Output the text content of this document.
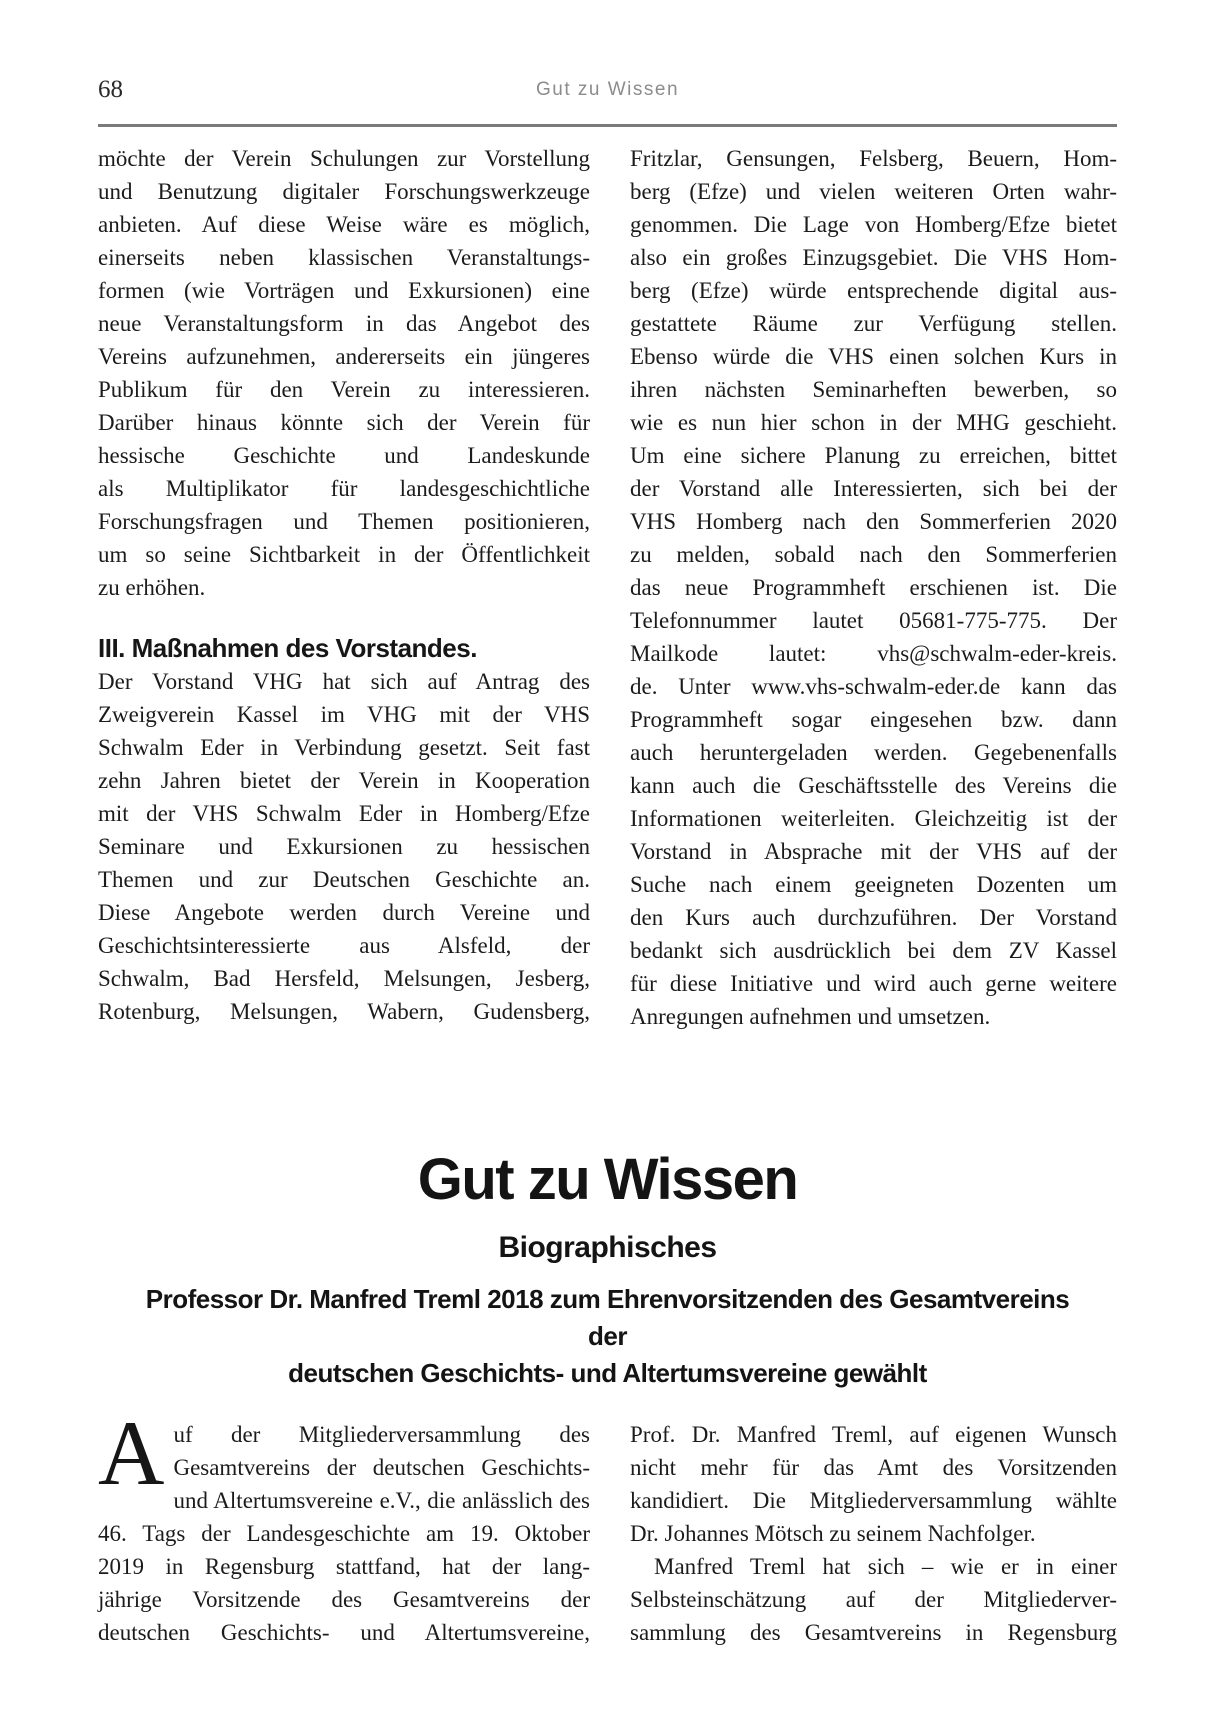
68	Gut zu Wissen
möchte der Verein Schulungen zur Vorstellung
und Benutzung digitaler Forschungswerkzeuge
anbieten. Auf diese Weise wäre es möglich,
einerseits neben klassischen Veranstaltungs-
formen (wie Vorträgen und Exkursionen) eine
neue Veranstaltungsform in das Angebot des
Vereins aufzunehmen, andererseits ein jüngeres
Publikum für den Verein zu interessieren.
Darüber hinaus könnte sich der Verein für
hessische Geschichte und Landeskunde
als Multiplikator für landesgeschichtliche
Forschungsfragen und Themen positionieren,
um so seine Sichtbarkeit in der Öffentlichkeit
zu erhöhen.
III. Maßnahmen des Vorstandes.
Der Vorstand VHG hat sich auf Antrag des
Zweigverein Kassel im VHG mit der VHS
Schwalm Eder in Verbindung gesetzt. Seit fast
zehn Jahren bietet der Verein in Kooperation
mit der VHS Schwalm Eder in Homberg/Efze
Seminare und Exkursionen zu hessischen
Themen und zur Deutschen Geschichte an.
Diese Angebote werden durch Vereine und
Geschichtsinteressierte aus Alsfeld, der
Schwalm, Bad Hersfeld, Melsungen, Jesberg,
Rotenburg, Melsungen, Wabern, Gudensberg,
Fritzlar, Gensungen, Felsberg, Beuern, Hom-
berg (Efze) und vielen weiteren Orten wahr-
genommen. Die Lage von Homberg/Efze bietet
also ein großes Einzugsgebiet. Die VHS Hom-
berg (Efze) würde entsprechende digital aus-
gestattete Räume zur Verfügung stellen.
Ebenso würde die VHS einen solchen Kurs in
ihren nächsten Seminarheften bewerben, so
wie es nun hier schon in der MHG geschieht.
Um eine sichere Planung zu erreichen, bittet
der Vorstand alle Interessierten, sich bei der
VHS Homberg nach den Sommerferien 2020
zu melden, sobald nach den Sommerferien
das neue Programmheft erschienen ist. Die
Telefonnummer lautet 05681-775-775. Der
Mailkode lautet: vhs@schwalm-eder-kreis.
de. Unter www.vhs-schwalm-eder.de kann das
Programmheft sogar eingesehen bzw. dann
auch heruntergeladen werden. Gegebenenfalls
kann auch die Geschäftsstelle des Vereins die
Informationen weiterleiten. Gleichzeitig ist der
Vorstand in Absprache mit der VHS auf der
Suche nach einem geeigneten Dozenten um
den Kurs auch durchzuführen. Der Vorstand
bedankt sich ausdrücklich bei dem ZV Kassel
für diese Initiative und wird auch gerne weitere
Anregungen aufnehmen und umsetzen.
Gut zu Wissen
Biographisches
Professor Dr. Manfred Treml 2018 zum Ehrenvorsitzenden des Gesamtvereins der
deutschen Geschichts- und Altertumsvereine gewählt
A uf der Mitgliederversammlung des
Gesamtvereins der deutschen Geschichts-
und Altertumsvereine e.V., die anlässlich des
46. Tags der Landesgeschichte am 19. Oktober
2019 in Regensburg stattfand, hat der lang-
jährige Vorsitzende des Gesamtvereins der
deutschen Geschichts- und Altertumsvereine,
Prof. Dr. Manfred Treml, auf eigenen Wunsch
nicht mehr für das Amt des Vorsitzenden
kandidiert. Die Mitgliederversammlung wählte
Dr. Johannes Mötsch zu seinem Nachfolger.
Manfred Treml hat sich – wie er in einer
Selbsteinschätzung auf der Mitgliederver-
sammlung des Gesamtvereins in Regensburg
